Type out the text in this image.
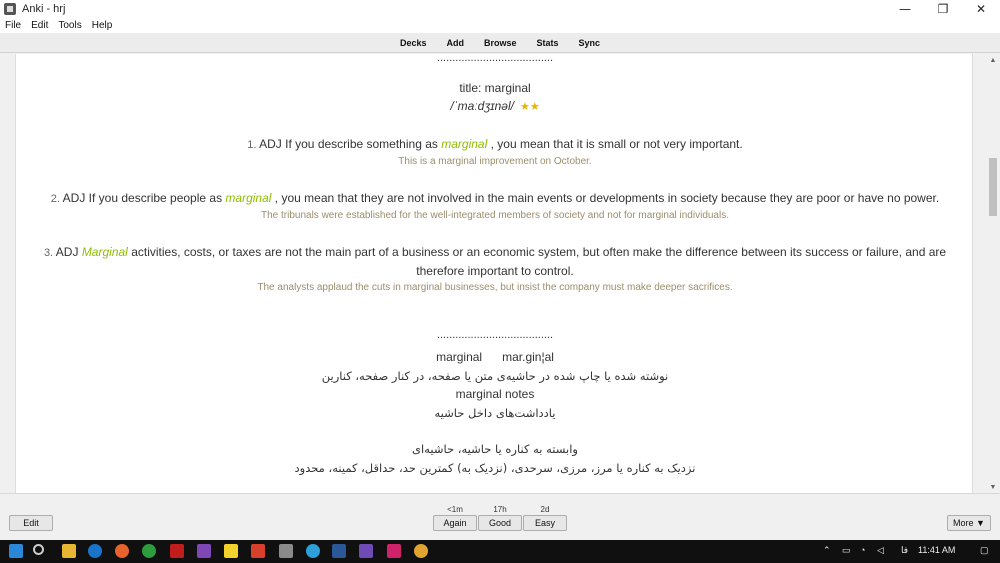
Anki - hrj	—	❐	✕
File	Edit	Tools	Help
Decks Add Browse Stats Sync
......................................
title: marginal
/ˈmaːdʒɪnəl/ ★★
1. ADJ If you describe something as marginal , you mean that it is small or not very important.
This is a marginal improvement on October.
2. ADJ If you describe people as marginal , you mean that they are not involved in the main events or developments in society because they are poor or have no power.
The tribunals were established for the well-integrated members of society and not for marginal individuals.
3. ADJ Marginal activities, costs, or taxes are not the main part of a business or an economic system, but often make the difference between its success or failure, and are therefore important to control.
The analysts applaud the cuts in marginal businesses, but insist the company must make deeper sacrifices.
......................................
marginal      mar.gin¦al
نوشته شده یا چاپ شده در حاشیه‌ی متن یا صفحه، در کنار صفحه، کنارین
marginal notes
یادداشت‌های داخل حاشیه
وابسته به کناره یا حاشیه، حاشیه‌ای
نزدیک به کناره یا مرز، مرزی، سرحدی، (نزدیک به) کمترین حد، حداقل، کمینه، محدود
▲
▼
Edit
<1m	17h	2d
Again	Good	Easy	More ▼
⌃ ▭ ◔ ◁ فا 11:41 AM	▢
